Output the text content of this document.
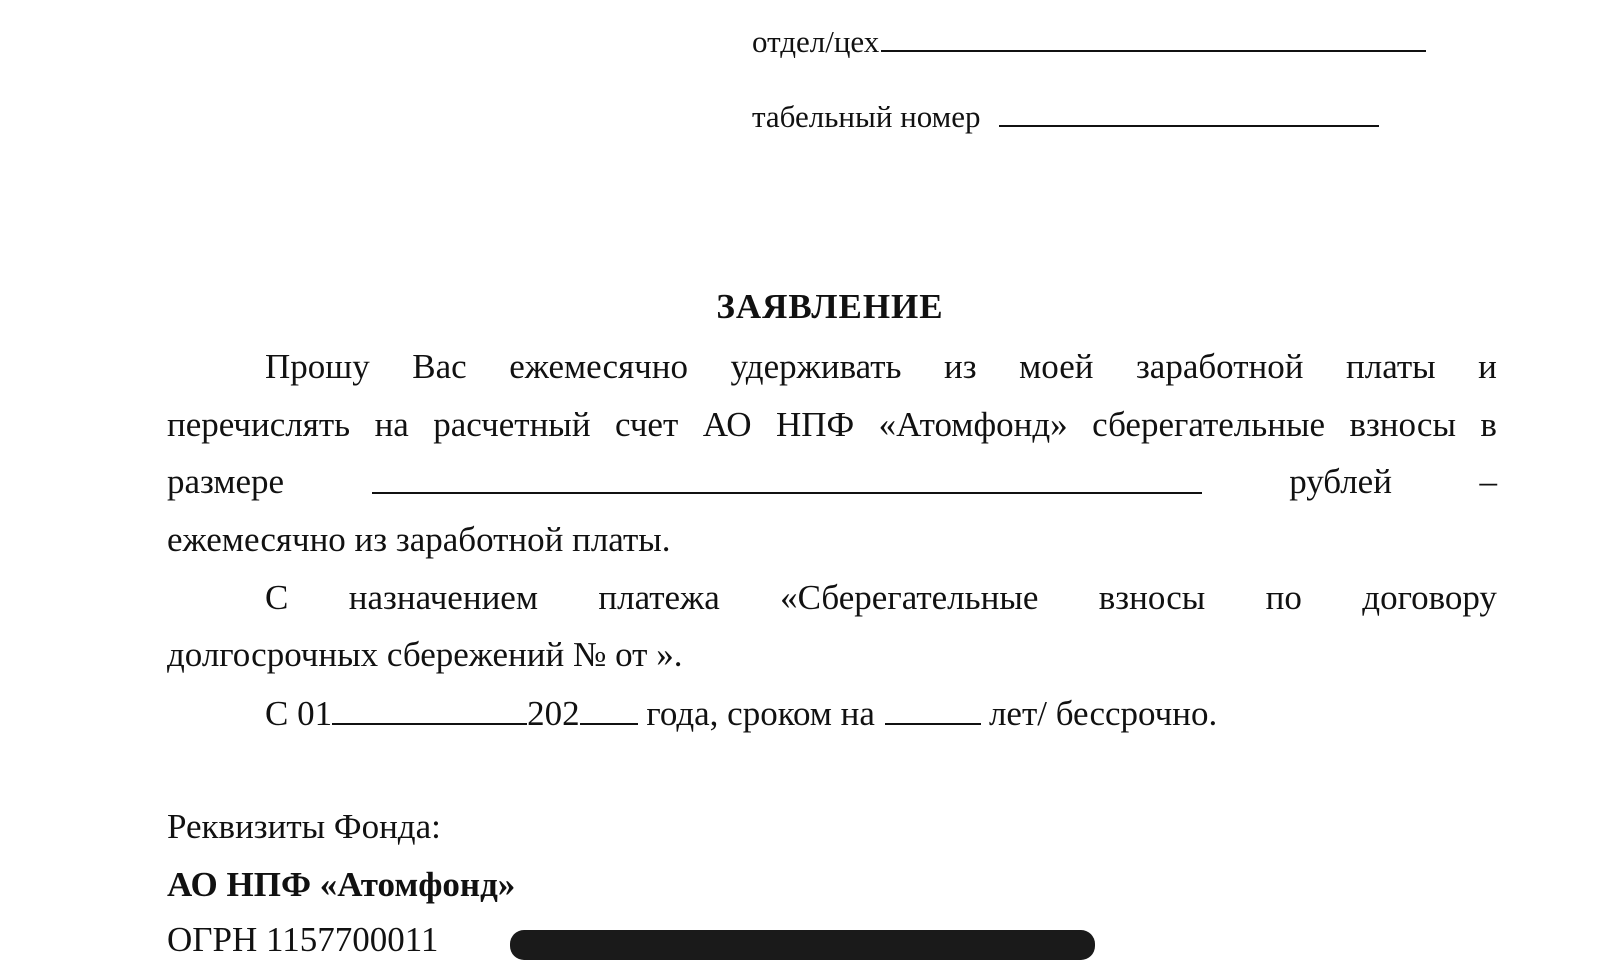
отдел/цех
табельный номер
ЗАЯВЛЕНИЕ
Прошу Вас ежемесячно удерживать из моей заработной платы и
перечислять на расчетный счет АО НПФ «Атомфонд» сберегательные взносы в
размере	рублей	–
ежемесячно из заработной платы.
С назначением платежа «Сберегательные взносы по договору
долгосрочных сбережений № от ».
С 01	202 года, сроком на	лет/ бессрочно.
Реквизиты Фонда:
АО НПФ «Атомфонд»
ОГРН 1157700011
